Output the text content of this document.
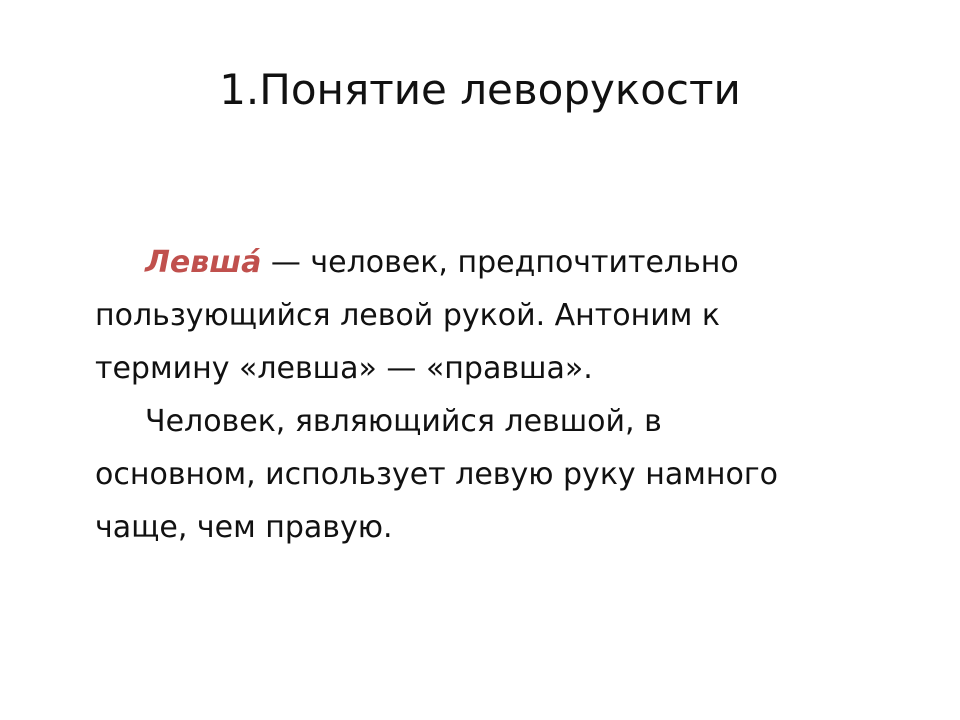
1.Понятие леворукости
Левша́ — человек, предпочтительно
пользующийся левой рукой. Антоним к
термину «левша» — «правша».
Человек, являющийся левшой, в
основном, использует левую руку намного
чаще, чем правую.
